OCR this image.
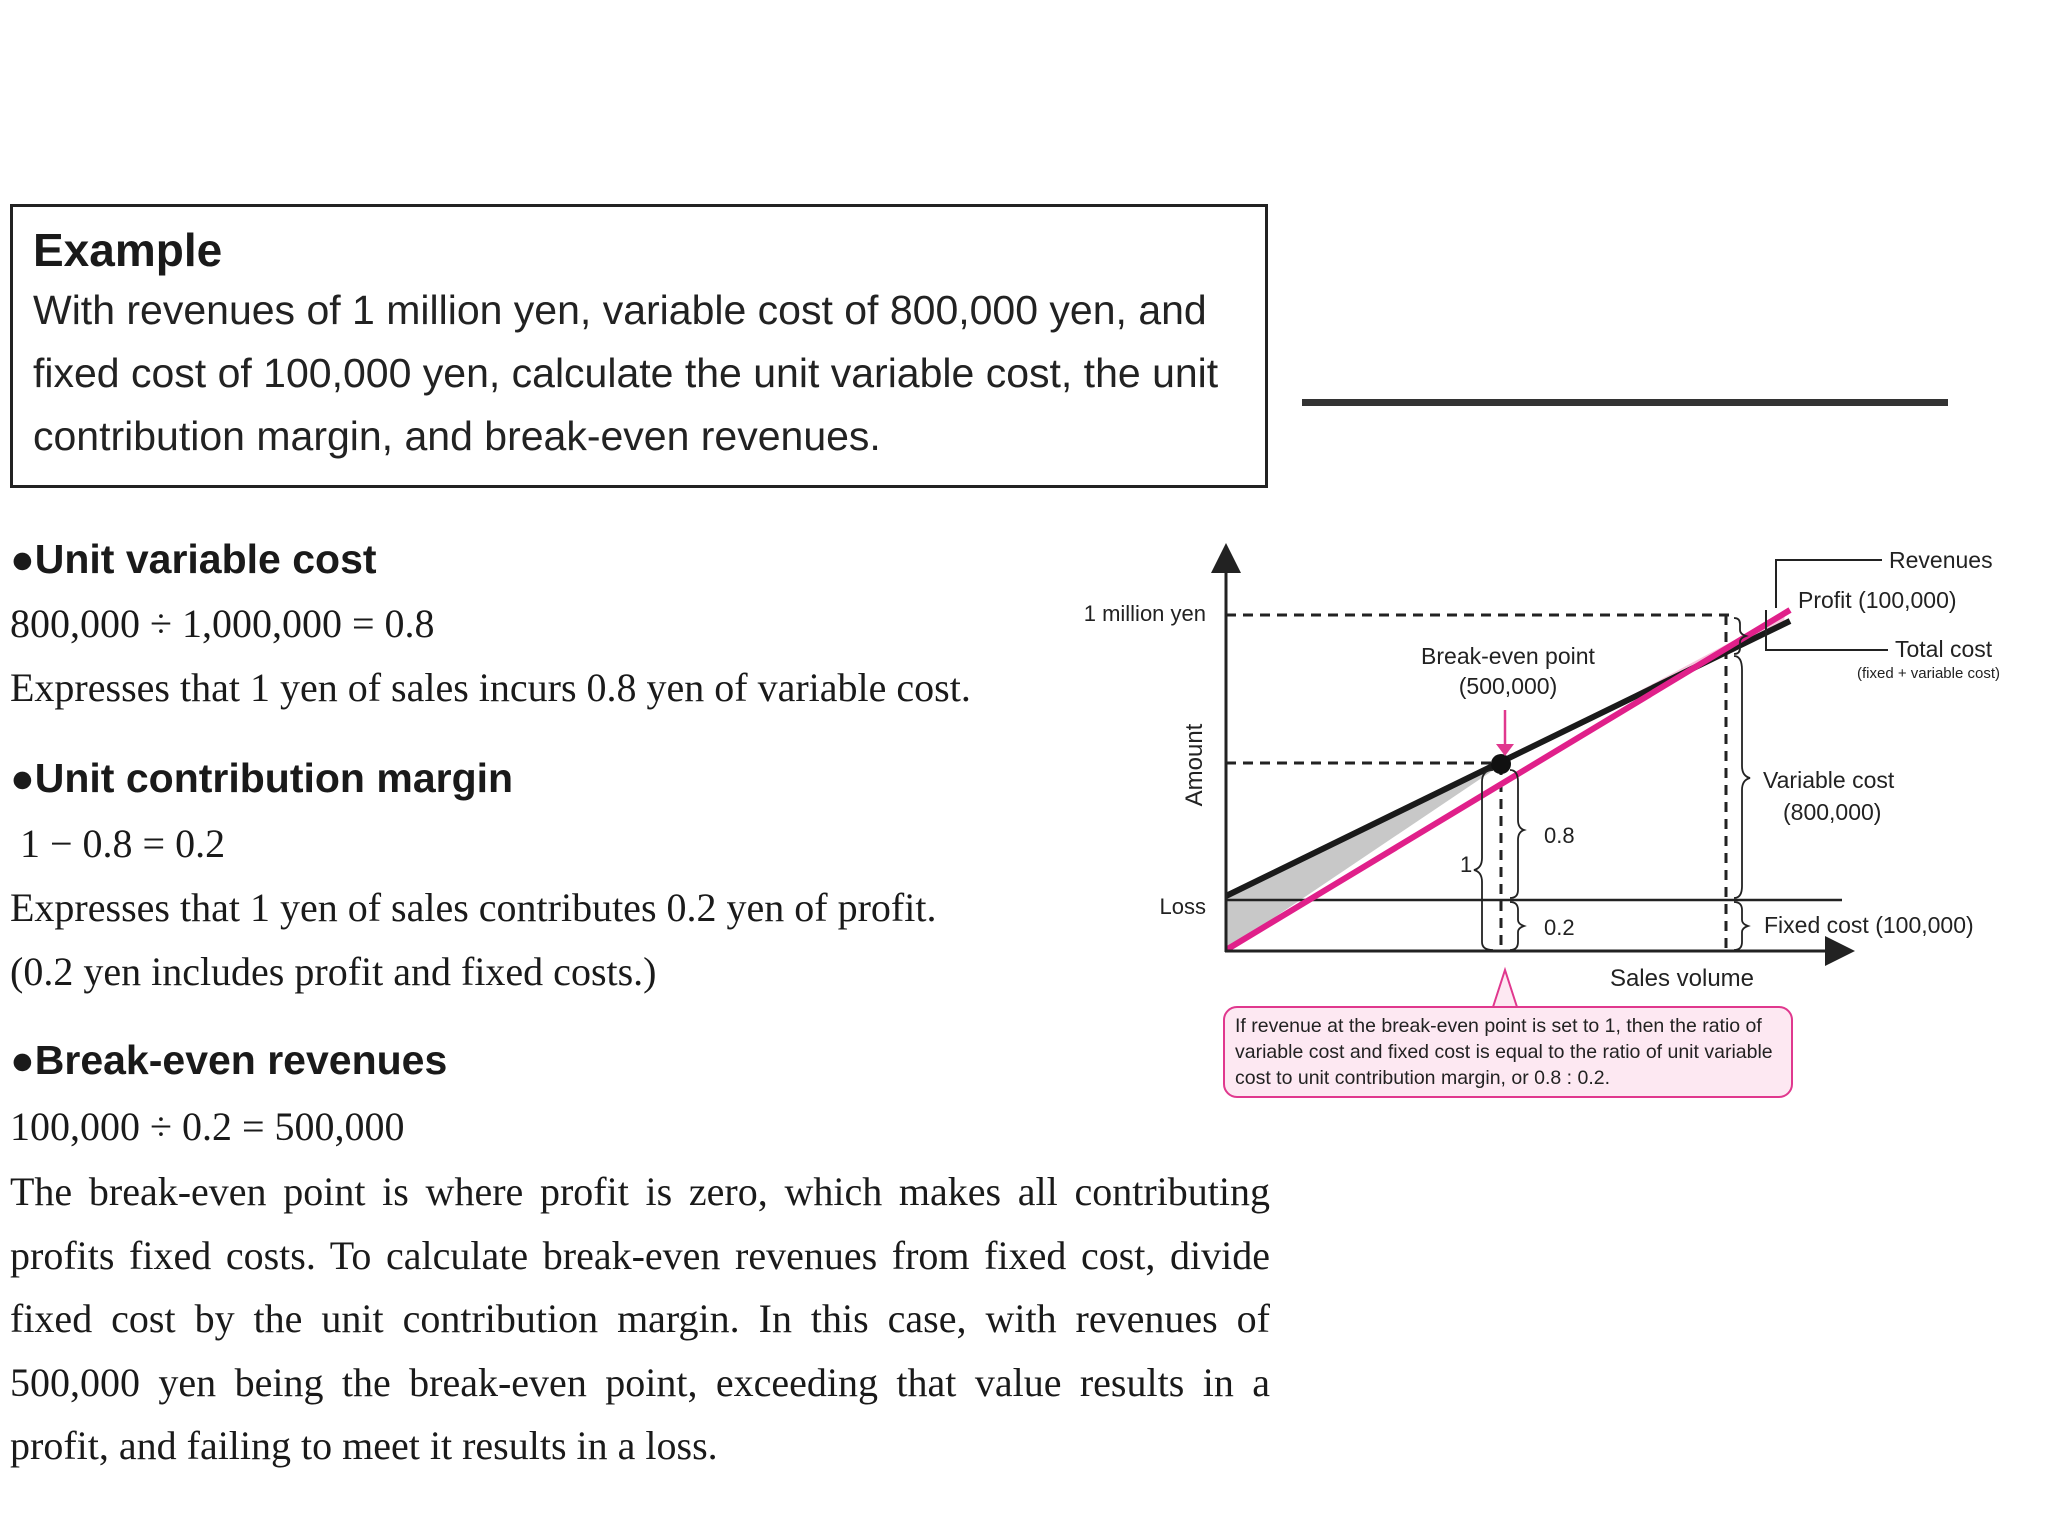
Example
With revenues of 1 million yen, variable cost of 800,000 yen, and fixed cost of 100,000 yen, calculate the unit variable cost, the unit contribution margin, and break-even revenues.
●Unit variable cost
800,000 ÷ 1,000,000 = 0.8
Expresses that 1 yen of sales incurs 0.8 yen of variable cost.
●Unit contribution margin
1 − 0.8 = 0.2
Expresses that 1 yen of sales contributes 0.2 yen of profit.
(0.2 yen includes profit and fixed costs.)
●Break-even revenues
100,000 ÷ 0.2 = 500,000
The break-even point is where profit is zero, which makes all contributing profits fixed costs. To calculate break-even revenues from fixed cost, divide fixed cost by the unit contribution margin. In this case, with revenues of 500,000 yen being the break-even point, exceeding that value results in a profit, and failing to meet it results in a loss.
1 million yen
Amount
Loss
Sales volume
Break-even point
(500,000)
Revenues
Profit (100,000)
Total cost
(fixed + variable cost)
Variable cost
(800,000)
Fixed cost (100,000)
1
0.8
0.2
If revenue at the break-even point is set to 1, then the ratio of variable cost and fixed cost is equal to the ratio of unit variable cost to unit contribution margin, or 0.8 : 0.2.
